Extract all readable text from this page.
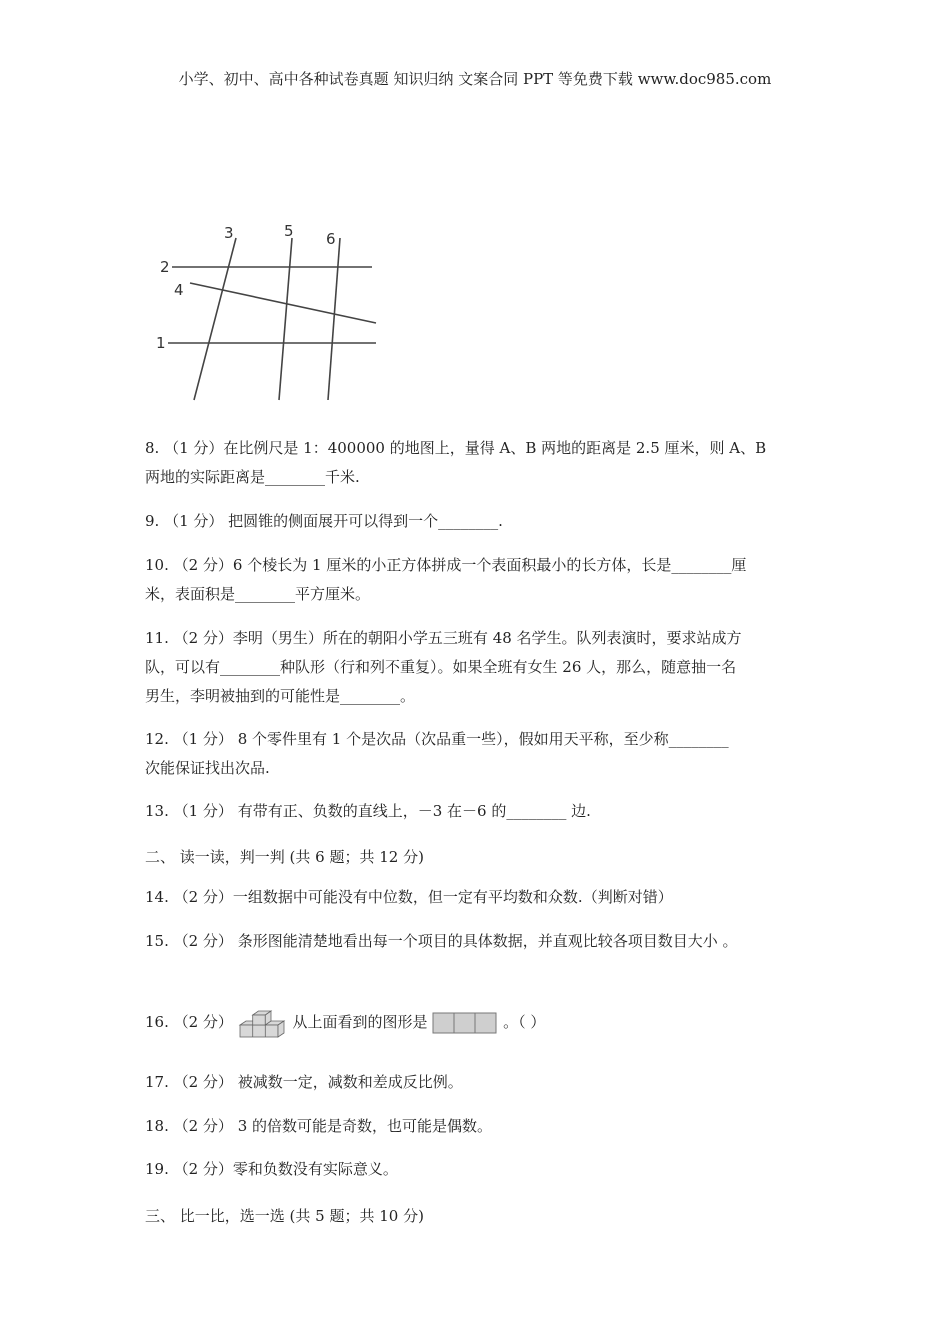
小学、初中、高中各种试卷真题 知识归纳 文案合同 PPT 等免费下载 www.doc985.com
1
2
3
4
5 6
8. （1 分）在比例尺是 1：400000 的地图上，量得 A、B 两地的距离是 2.5 厘米，则 A、B
两地的实际距离是________千米.
9. （1 分） 把圆锥的侧面展开可以得到一个________.
10. （2 分）6 个棱长为 1 厘米的小正方体拼成一个表面积最小的长方体，长是________厘
米，表面积是________平方厘米。
11. （2 分）李明（男生）所在的朝阳小学五三班有 48 名学生。队列表演时，要求站成方
队，可以有________种队形（行和列不重复）。如果全班有女生 26 人，那么，随意抽一名
男生，李明被抽到的可能性是________。
12. （1 分） 8 个零件里有 1 个是次品（次品重一些），假如用天平称，至少称________
次能保证找出次品.
13. （1 分） 有带有正、负数的直线上，－3 在－6 的________ 边.
二、 读一读，判一判 (共 6 题；共 12 分)
14. （2 分）一组数据中可能没有中位数，但一定有平均数和众数.（判断对错）
15. （2 分） 条形图能清楚地看出每一个项目的具体数据，并直观比较各项目数目大小 。
16. （2 分）	从上面看到的图形是	。（ ）
17. （2 分） 被减数一定，减数和差成反比例。
18. （2 分） 3 的倍数可能是奇数，也可能是偶数。
19. （2 分）零和负数没有实际意义。
三、 比一比，选一选 (共 5 题；共 10 分)
